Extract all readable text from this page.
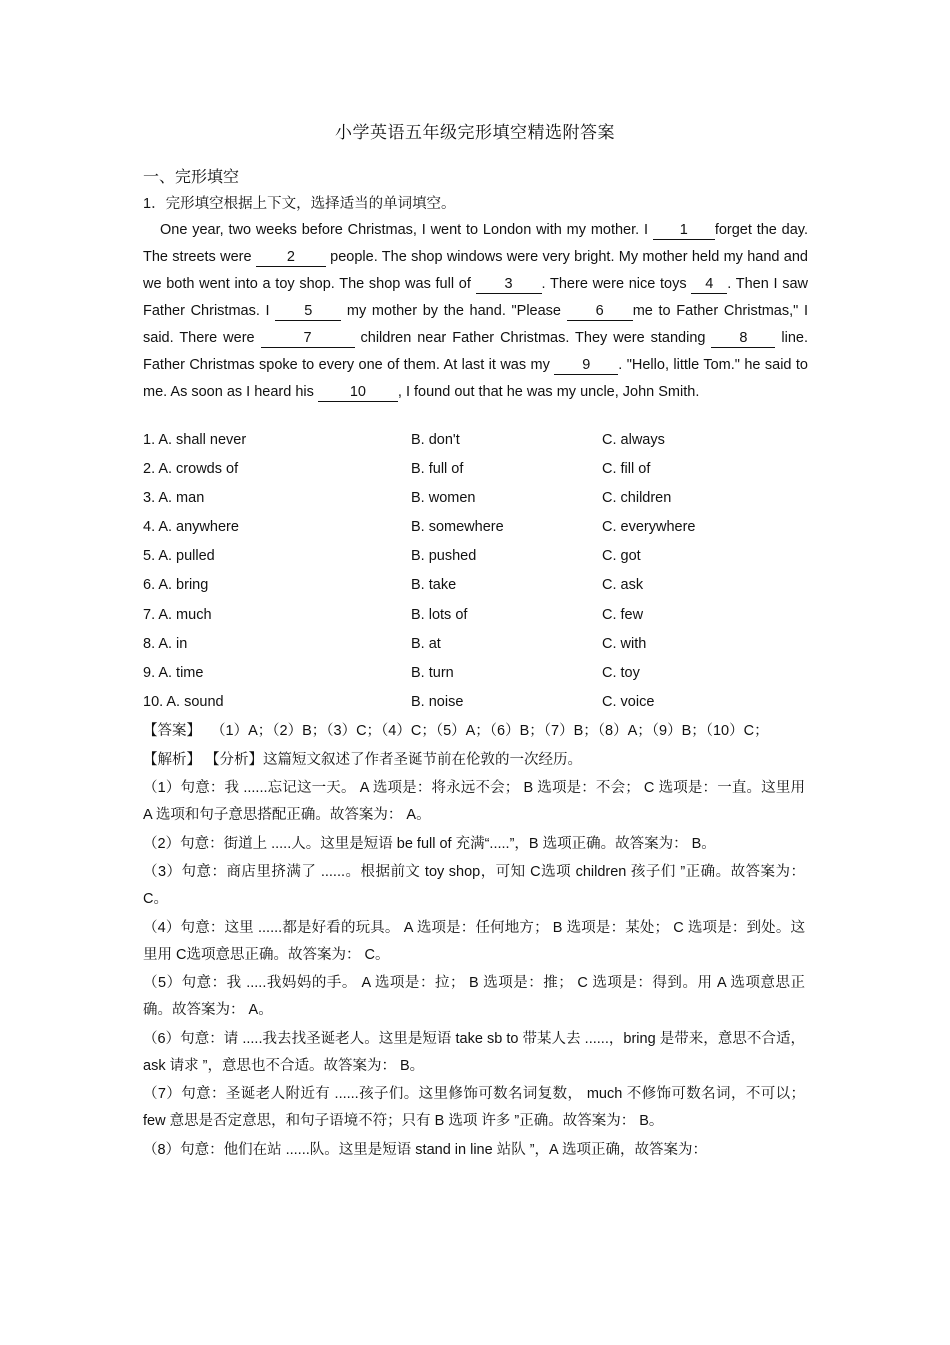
小学英语五年级完形填空精选附答案
一、完形填空
1．完形填空根据上下文，选择适当的单词填空。
One year, two weeks before Christmas, I went to London with my mother. I 1 forget the day. The streets were 2 people. The shop windows were very bright. My mother held my hand and we both went into a toy shop. The shop was full of 3 . There were nice toys 4 . Then I saw Father Christmas. I 5 my mother by the hand. "Please 6 me to Father Christmas," I said. There were	7	children near Father Christmas. They were standing 8 line. Father Christmas spoke to every one of them. At last it was my 9 . "Hello, little Tom." he said to me. As soon as I heard his 10 , I found out that he was my uncle, John Smith.
1. A. shall never	B. don't	C. always
2. A. crowds of	B. full of	C. fill of
3. A. man	B. women	C. children
4. A. anywhere	B. somewhere	C. everywhere
5. A. pulled	B. pushed	C. got
6. A. bring	B. take	C. ask
7. A. much	B. lots of	C. few
8. A. in	B. at	C. with
9. A. time	B. turn	C. toy
10. A. sound	B. noise	C. voice

【答案】 （1）A；（2）B；（3）C；（4）C；（5）A；（6）B；（7）B；（8）A；（9）B；（10）C；

【解析】 【分析】这篇短文叙述了作者圣诞节前在伦敦的一次经历。

（1）句意：我 ......忘记这一天。 A 选项是：将永远不会； B 选项是：不会； C 选项是：一直。这里用 A 选项和句子意思搭配正确。故答案为： A。

（2）句意：街道上 .....人。这里是短语 be full of 充满“.....”，B 选项正确。故答案为： B。

（3）句意：商店里挤满了 ......。根据前文 toy shop，可知 C选项 children 孩子们 ”正确。故答案为： C。

（4）句意：这里 ......都是好看的玩具。 A 选项是：任何地方； B 选项是：某处； C 选项是：到处。这里用 C选项意思正确。故答案为： C。

（5）句意：我 .....我妈妈的手。 A 选项是：拉； B 选项是：推； C 选项是：得到。用 A 选项意思正确。故答案为： A。

（6）句意：请 .....我去找圣诞老人。这里是短语 take sb to 带某人去 ......，bring 是带来，意思不合适， ask 请求 ”，意思也不合适。故答案为： B。

（7）句意：圣诞老人附近有 ......孩子们。这里修饰可数名词复数， much 不修饰可数名词，不可以； few 意思是否定意思，和句子语境不符；只有 B 选项 许多 ”正确。故答案为： B。

（8）句意：他们在站 ......队。这里是短语 stand in line 站队 ”，A 选项正确，故答案为：
